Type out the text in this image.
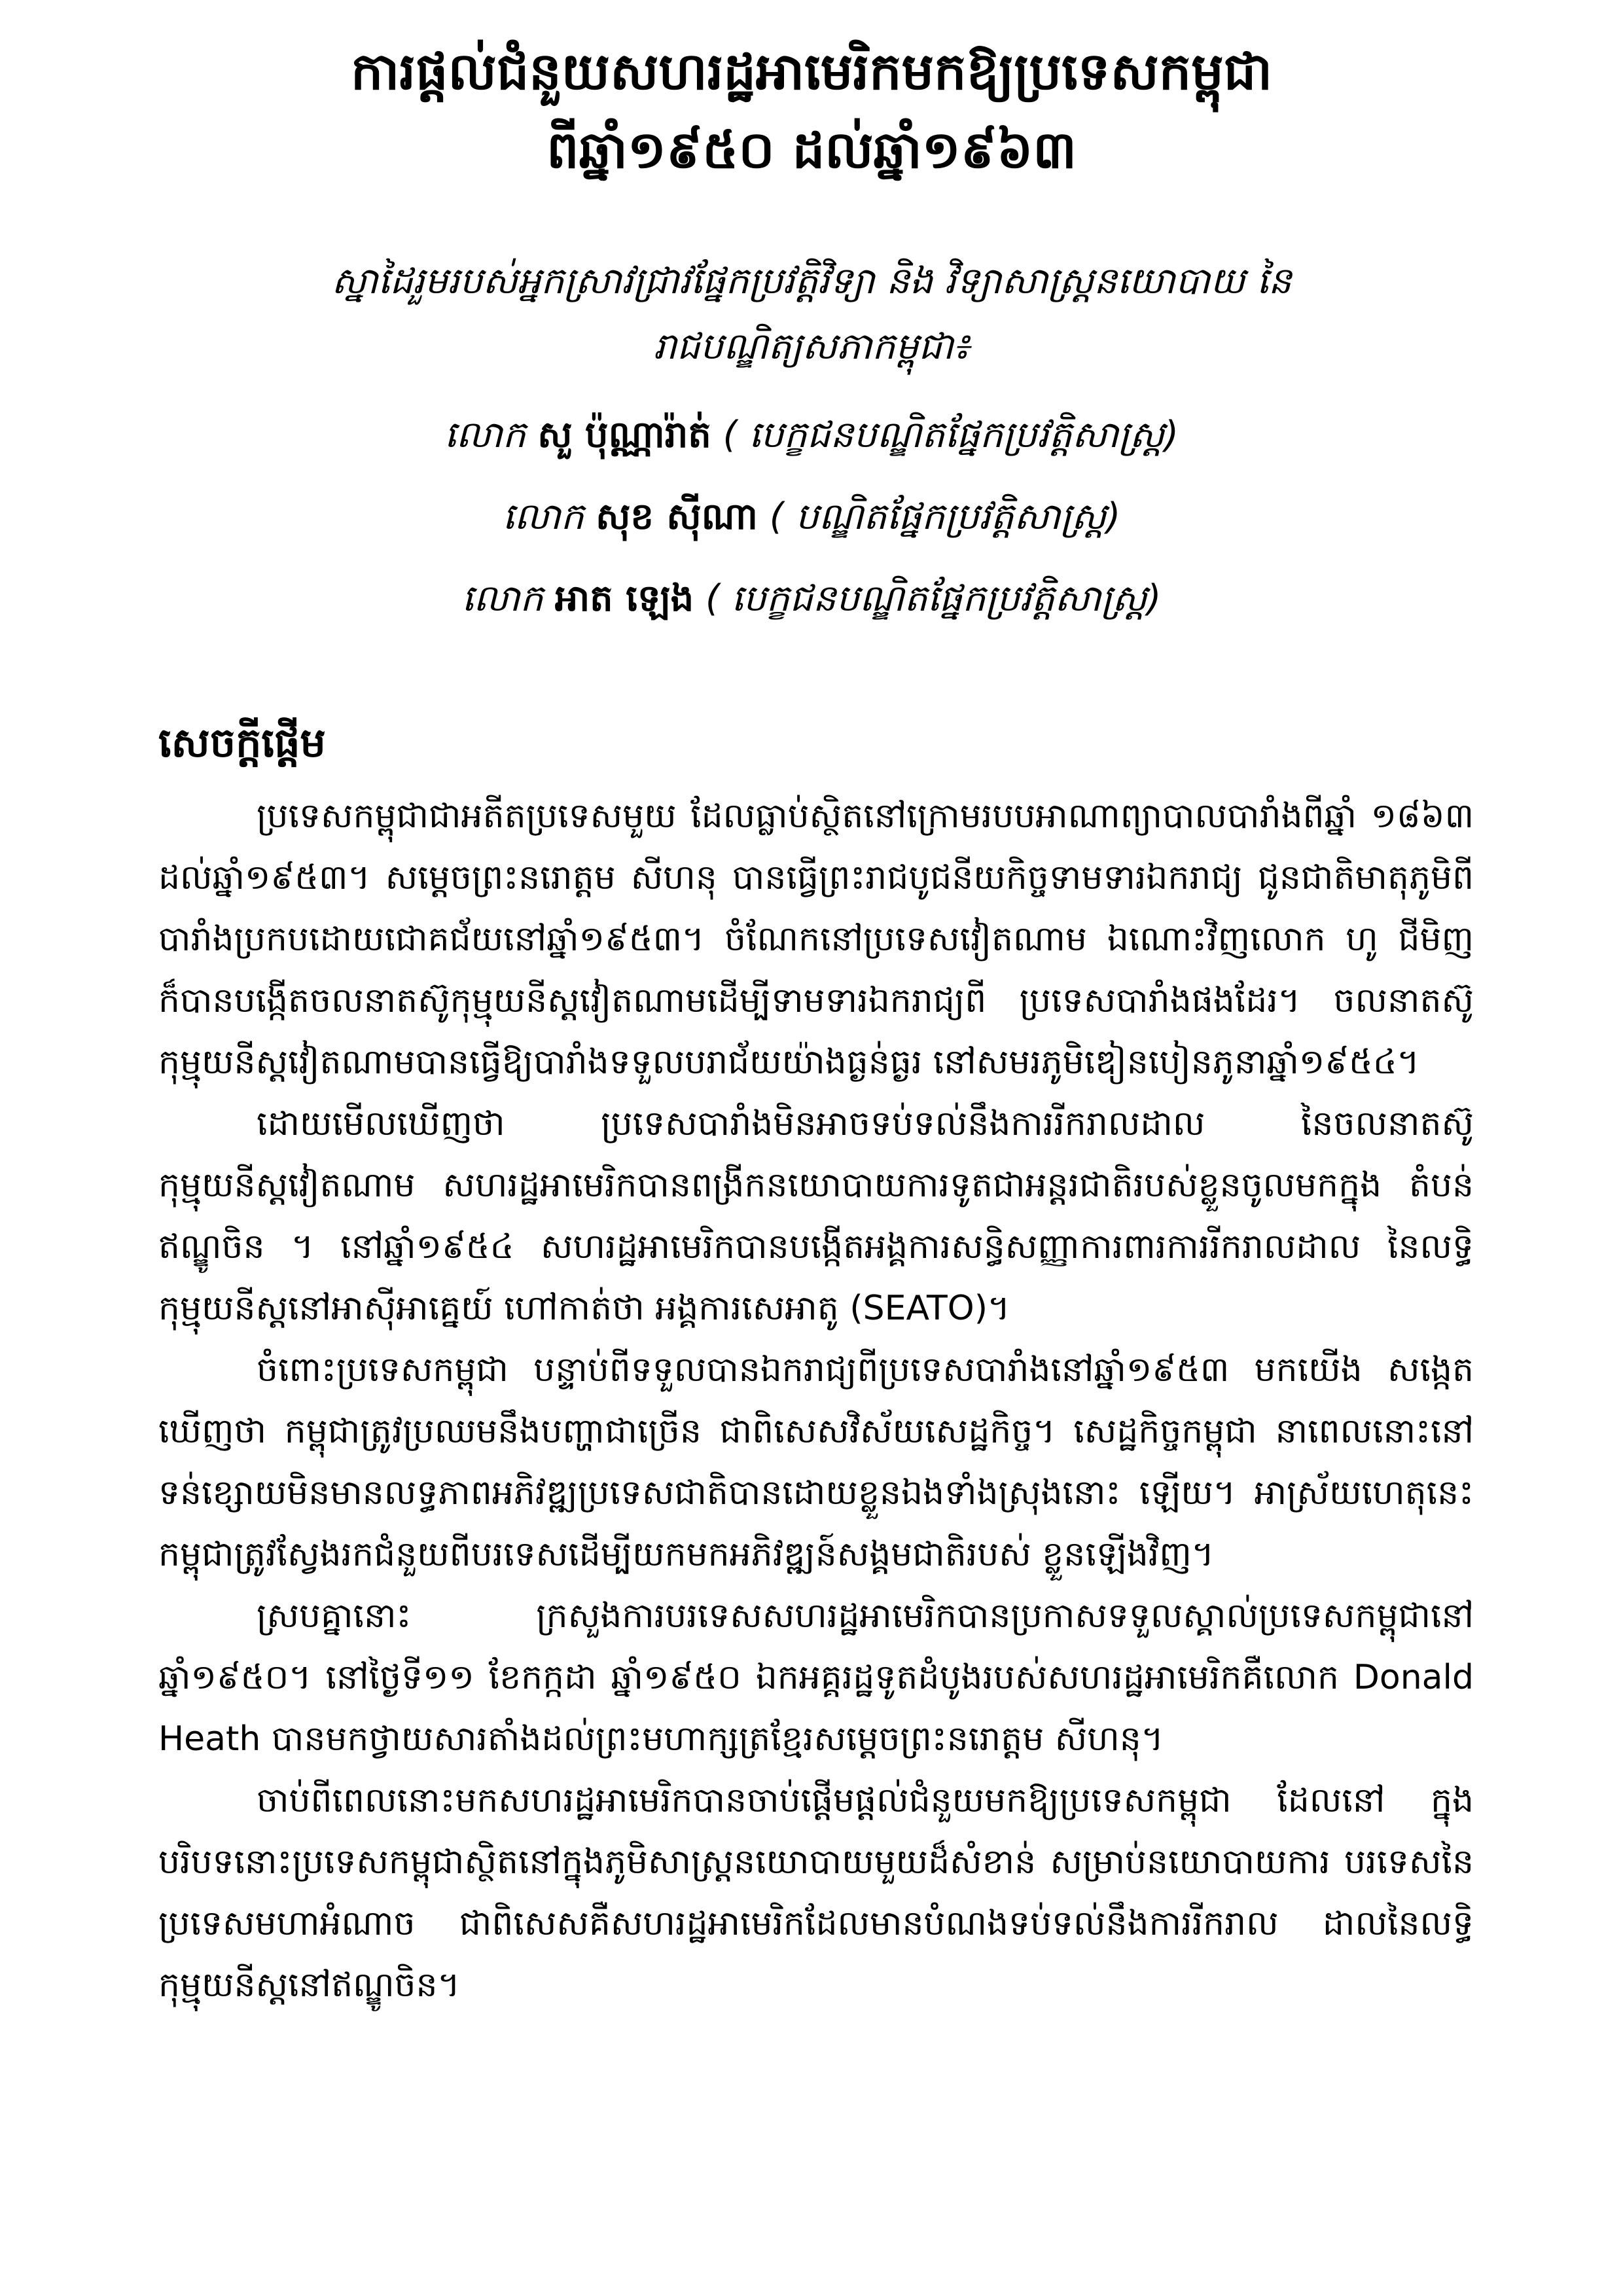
ការផ្តល់ជំនួយសហរដ្ឋអាមេរិកមកឱ្យប្រទេសកម្ពុជា
ពីឆ្នាំ១៩៥០ ដល់ឆ្នាំ១៩៦៣
ស្នាដៃរួមរបស់អ្នកស្រាវជ្រាវផ្នែកប្រវត្តិវិទ្យា និង វិទ្យាសាស្រ្តនយោបាយ នៃ
រាជបណ្ឌិត្យសភាកម្ពុជា៖
លោក សួ ប៉ុណ្ណារ៉ាត់ ( បេក្ខជនបណ្ឌិតផ្នែកប្រវត្តិសាស្រ្ត)
លោក សុខ ស៊ីណា ( បណ្ឌិតផ្នែកប្រវត្តិសាស្រ្ត)
លោក អាត ឡេង ( បេក្ខជនបណ្ឌិតផ្នែកប្រវត្តិសាស្រ្ត)
សេចក្តីផ្តើម

ប្រទេសកម្ពុជាជាអតីតប្រទេសមួយ ដែលធ្លាប់ស្ថិតនៅក្រោមរបបអាណាព្យាបាលបារាំងពីឆ្នាំ ១៨៦៣ ដល់ឆ្នាំ១៩៥៣។ សម្តេចព្រះនរោត្តម សីហនុ បានធ្វើព្រះរាជបូជនីយកិច្ចទាមទារឯករាជ្យ ជូនជាតិមាតុភូមិពីបារាំងប្រកបដោយជោគជ័យនៅឆ្នាំ១៩៥៣។ ចំណែកនៅប្រទេសវៀតណាម ឯណោះវិញលោក ហូ ជីមិញ ក៏បានបង្កើតចលនាតស៊ូកុម្មុយនីស្តវៀតណាមដើម្បីទាមទារឯករាជ្យពី ប្រទេសបារាំងផងដែរ។ ចលនាតស៊ូកុម្មុយនីស្តវៀតណាមបានធ្វើឱ្យបារាំងទទួលបរាជ័យយ៉ាងធ្ងន់ធ្ងរ នៅសមរភូមិឌៀនបៀនភូនាឆ្នាំ១៩៥៤។

ដោយមើលឃើញថា ប្រទេសបារាំងមិនអាចទប់ទល់នឹងការរីករាលដាល នៃចលនាតស៊ូ កុម្មុយនីស្តវៀតណាម សហរដ្ឋអាមេរិកបានពង្រីកនយោបាយការទូតជាអន្តរជាតិរបស់ខ្លួនចូលមកក្នុង តំបន់ឥណ្ឌូចិន ។ នៅឆ្នាំ១៩៥៤ សហរដ្ឋអាមេរិកបានបង្កើតអង្គការសន្ធិសញ្ញាការពារការរីករាលដាល នៃលទ្ធិកុម្មុយនីស្តនៅអាស៊ីអាគ្នេយ៍ ហៅកាត់ថា អង្គការសេអាតូ (SEATO)។

ចំពោះប្រទេសកម្ពុជា បន្ទាប់ពីទទួលបានឯករាជ្យពីប្រទេសបារាំងនៅឆ្នាំ១៩៥៣ មកយើង សង្កេតឃើញថា កម្ពុជាត្រូវប្រឈមនឹងបញ្ហាជាច្រើន ជាពិសេសវិស័យសេដ្ឋកិច្ច។ សេដ្ឋកិច្ចកម្ពុជា នាពេលនោះនៅទន់ខ្សោយមិនមានលទ្ធភាពអភិវឌ្ឍប្រទេសជាតិបានដោយខ្លួនឯងទាំងស្រុងនោះ ឡើយ។ អាស្រ័យហេតុនេះ កម្ពុជាត្រូវស្វែងរកជំនួយពីបរទេសដើម្បីយកមកអភិវឌ្ឍន៍សង្គមជាតិរបស់ ខ្លួនឡើងវិញ។

ស្របគ្នានោះ ក្រសួងការបរទេសសហរដ្ឋអាមេរិកបានប្រកាសទទួលស្គាល់ប្រទេសកម្ពុជានៅ ឆ្នាំ១៩៥០។ នៅថ្ងៃទី១១ ខែកក្កដា ឆ្នាំ១៩៥០ ឯកអគ្គរដ្ឋទូតដំបូងរបស់សហរដ្ឋអាមេរិកគឺលោក Donald Heath បានមកថ្វាយសារតាំងដល់ព្រះមហាក្សត្រខ្មែរសម្តេចព្រះនរោត្តម សីហនុ។

ចាប់ពីពេលនោះមកសហរដ្ឋអាមេរិកបានចាប់ផ្តើមផ្តល់ជំនួយមកឱ្យប្រទេសកម្ពុជា ដែលនៅ ក្នុងបរិបទនោះប្រទេសកម្ពុជាស្ថិតនៅក្នុងភូមិសាស្ត្រនយោបាយមួយដ៏សំខាន់ សម្រាប់នយោបាយការ បរទេសនៃប្រទេសមហាអំណាច ជាពិសេសគឺសហរដ្ឋអាមេរិកដែលមានបំណងទប់ទល់នឹងការរីករាល ដាលនៃលទ្ធិកុម្មុយនីស្តនៅឥណ្ឌូចិន។
